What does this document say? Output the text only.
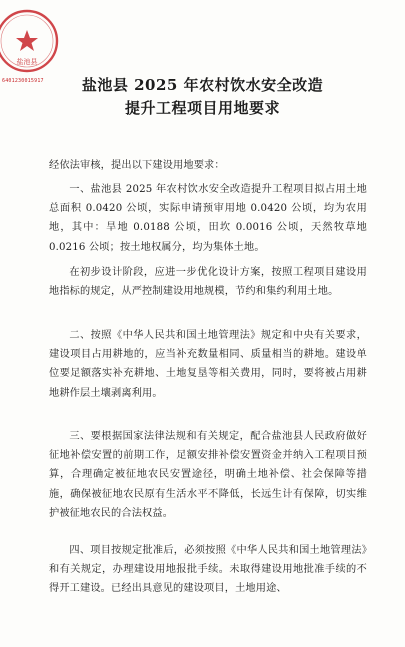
盐池县
6401230015917	盐池县 2025 年农村饮水安全改造
提升工程项目用地要求

经依法审核，提出以下建设用地要求：

一、盐池县 2025 年农村饮水安全改造提升工程项目拟占用土地总面积 0.0420 公顷，实际申请预审用地 0.0420 公顷，均为农用地，其中：旱地 0.0188 公顷，田坎 0.0016 公顷，天然牧草地 0.0216 公顷；按土地权属分，均为集体土地。

在初步设计阶段，应进一步优化设计方案，按照工程项目建设用地指标的规定，从严控制建设用地规模，节约和集约利用土地。

二、按照《中华人民共和国土地管理法》规定和中央有关要求，建设项目占用耕地的，应当补充数量相同、质量相当的耕地。建设单位要足额落实补充耕地、土地复垦等相关费用，同时，要将被占用耕地耕作层土壤剥离利用。

三、要根据国家法律法规和有关规定，配合盐池县人民政府做好征地补偿安置的前期工作，足额安排补偿安置资金并纳入工程项目预算，合理确定被征地农民安置途径，明确土地补偿、社会保障等措施，确保被征地农民原有生活水平不降低，长远生计有保障，切实维护被征地农民的合法权益。

四、项目按规定批准后，必须按照《中华人民共和国土地管理法》和有关规定，办理建设用地报批手续。未取得建设用地批准手续的不得开工建设。已经出具意见的建设项目，土地用途、
